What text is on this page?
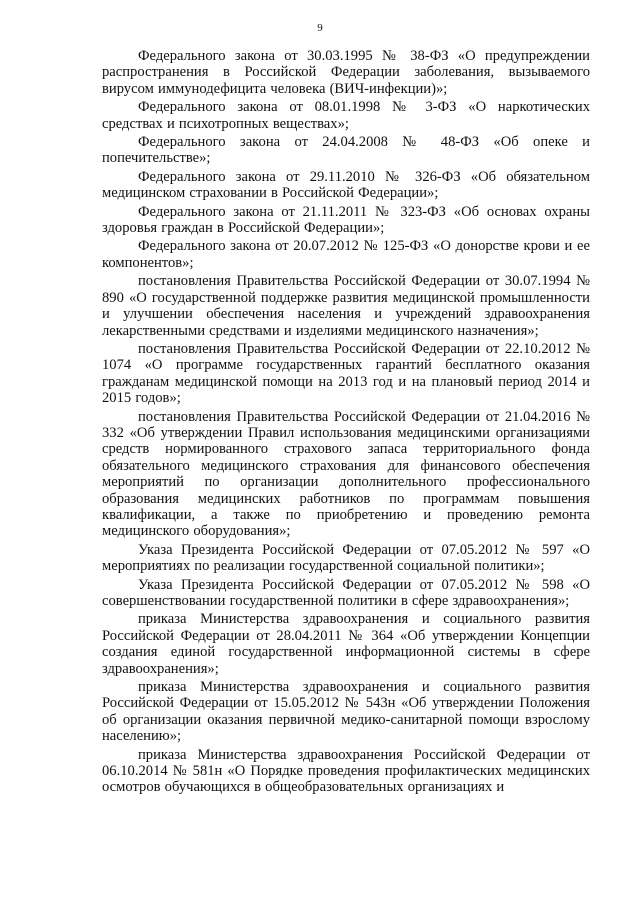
9

Федерального закона от 30.03.1995 № 38-ФЗ «О предупреждении распространения в Российской Федерации заболевания, вызываемого вирусом иммунодефицита человека (ВИЧ-инфекции)»;

Федерального закона от 08.01.1998 № 3-ФЗ «О наркотических средствах и психотропных веществах»;

Федерального закона от 24.04.2008 № 48-ФЗ «Об опеке и попечительстве»;

Федерального закона от 29.11.2010 № 326-ФЗ «Об обязательном медицинском страховании в Российской Федерации»;

Федерального закона от 21.11.2011 № 323-ФЗ «Об основах охраны здоровья граждан в Российской Федерации»;

Федерального закона от 20.07.2012 № 125-ФЗ «О донорстве крови и ее компонентов»;

постановления Правительства Российской Федерации от 30.07.1994 № 890 «О государственной поддержке развития медицинской промышленности и улучшении обеспечения населения и учреждений здравоохранения лекарственными средствами и изделиями медицинского назначения»;

постановления Правительства Российской Федерации от 22.10.2012 № 1074 «О программе государственных гарантий бесплатного оказания гражданам медицинской помощи на 2013 год и на плановый период 2014 и 2015 годов»;

постановления Правительства Российской Федерации от 21.04.2016 № 332 «Об утверждении Правил использования медицинскими организациями средств нормированного страхового запаса территориального фонда обязательного медицинского страхования для финансового обеспечения мероприятий по организации дополнительного профессионального образования медицинских работников по программам повышения квалификации, а также по приобретению и проведению ремонта медицинского оборудования»;

Указа Президента Российской Федерации от 07.05.2012 № 597 «О мероприятиях по реализации государственной социальной политики»;

Указа Президента Российской Федерации от 07.05.2012 № 598 «О совершенствовании государственной политики в сфере здравоохранения»;

приказа Министерства здравоохранения и социального развития Российской Федерации от 28.04.2011 № 364 «Об утверждении Концепции создания единой государственной информационной системы в сфере здравоохранения»;

приказа Министерства здравоохранения и социального развития Российской Федерации от 15.05.2012 № 543н «Об утверждении Положения об организации оказания первичной медико-санитарной помощи взрослому населению»;

приказа Министерства здравоохранения Российской Федерации от 06.10.2014 № 581н «О Порядке проведения профилактических медицинских осмотров обучающихся в общеобразовательных организациях и
